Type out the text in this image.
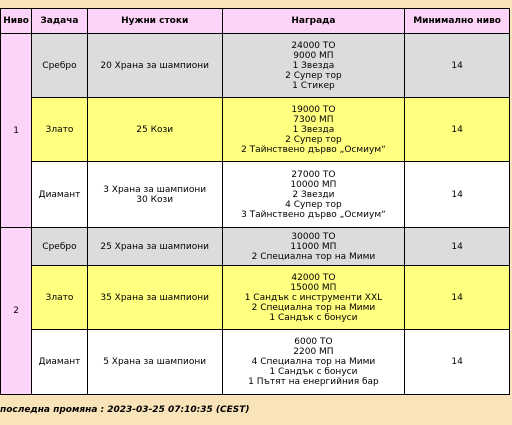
Ниво	Задача	Нужни стоки	Награда	Минимално ниво
1	Сребро	20 Храна за шампиони	24000 ТО
9000 МП
1 Звезда
2 Супер тор
1 Стикер	14
	Злато	25 Кози	19000 ТО
7300 МП
1 Звезда
2 Супер тор
2 Тайнствено дърво „Осмиум“	14
	Диамант	3 Храна за шампиони
30 Кози	27000 ТО
10000 МП
2 Звезди
4 Супер тор
3 Тайнствено дърво „Осмиум“	14
2	Сребро	25 Храна за шампиони	30000 ТО
11000 МП
2 Специална тор на Мими	14
	Злато	35 Храна за шампиони	42000 ТО
15000 МП
1 Сандък с инструменти XXL
2 Специална тор на Мими
1 Сандък с бонуси	14
	Диамант	5 Храна за шампиони	6000 ТО
2200 МП
4 Специална тор на Мими
1 Сандък с бонуси
1 Пътят на енергийния бар	14
последна промяна : 2023-03-25 07:10:35 (CEST)
